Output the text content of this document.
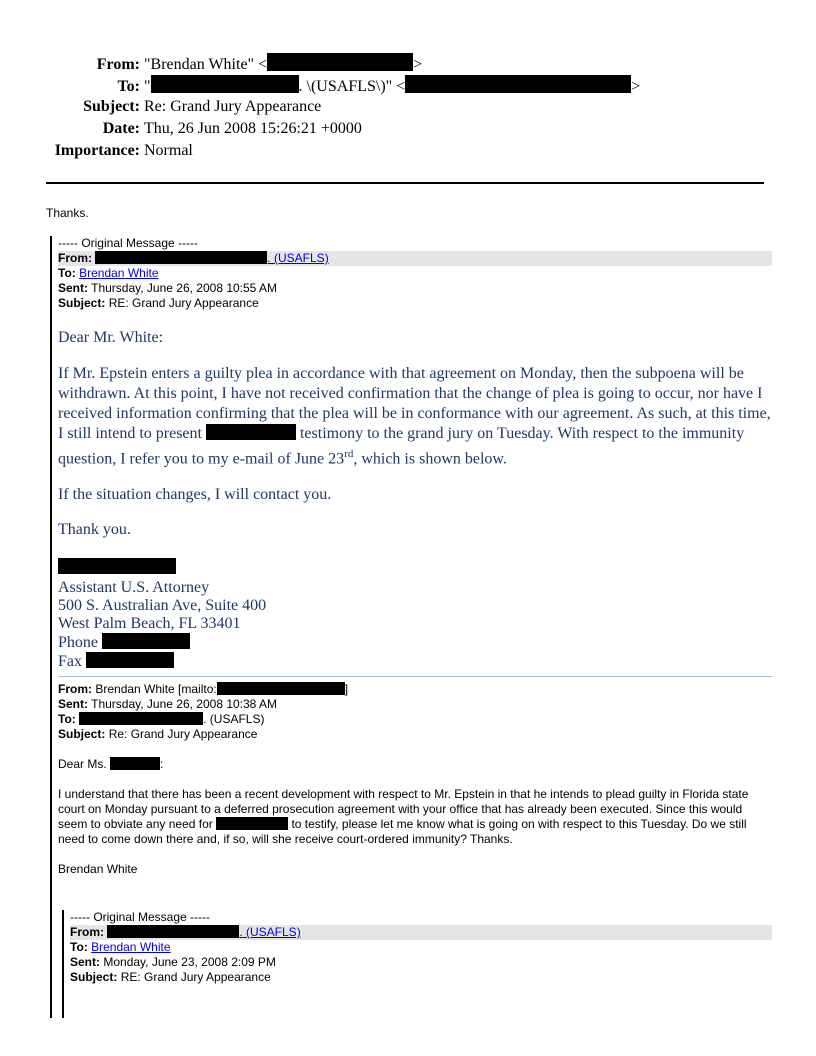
From: "Brendan White" <	>
To: "	. \(USAFLS\)" <	>
Subject: Re: Grand Jury Appearance
Date: Thu, 26 Jun 2008 15:26:21 +0000
Importance: Normal
Thanks.
----- Original Message -----
From:	. (USAFLS)
To: Brendan White
Sent: Thursday, June 26, 2008 10:55 AM
Subject: RE: Grand Jury Appearance

Dear Mr. White:

If Mr. Epstein enters a guilty plea in accordance with that agreement on Monday, then the subpoena will be withdrawn. At this point, I have not received confirmation that the change of plea is going to occur, nor have I received information confirming that the plea will be in conformance with our agreement. As such, at this time, I still intend to present	testimony to the grand jury on Tuesday. With respect to the immunity question, I refer you to my e-mail of June 23rd, which is shown below.

If the situation changes, I will contact you.

Thank you.

Assistant U.S. Attorney
500 S. Australian Ave, Suite 400
West Palm Beach, FL 33401
Phone
Fax
From: Brendan White [mailto:	]
Sent: Thursday, June 26, 2008 10:38 AM
To:	. (USAFLS)
Subject: Re: Grand Jury Appearance

Dear Ms.	:

I understand that there has been a recent development with respect to Mr. Epstein in that he intends to plead guilty in Florida state court on Monday pursuant to a deferred prosecution agreement with your office that has already been executed. Since this would seem to obviate any need for	to testify, please let me know what is going on with respect to this Tuesday. Do we still need to come down there and, if so, will she receive court-ordered immunity? Thanks.

Brendan White

----- Original Message -----
From:	. (USAFLS)
To: Brendan White
Sent: Monday, June 23, 2008 2:09 PM
Subject: RE: Grand Jury Appearance
